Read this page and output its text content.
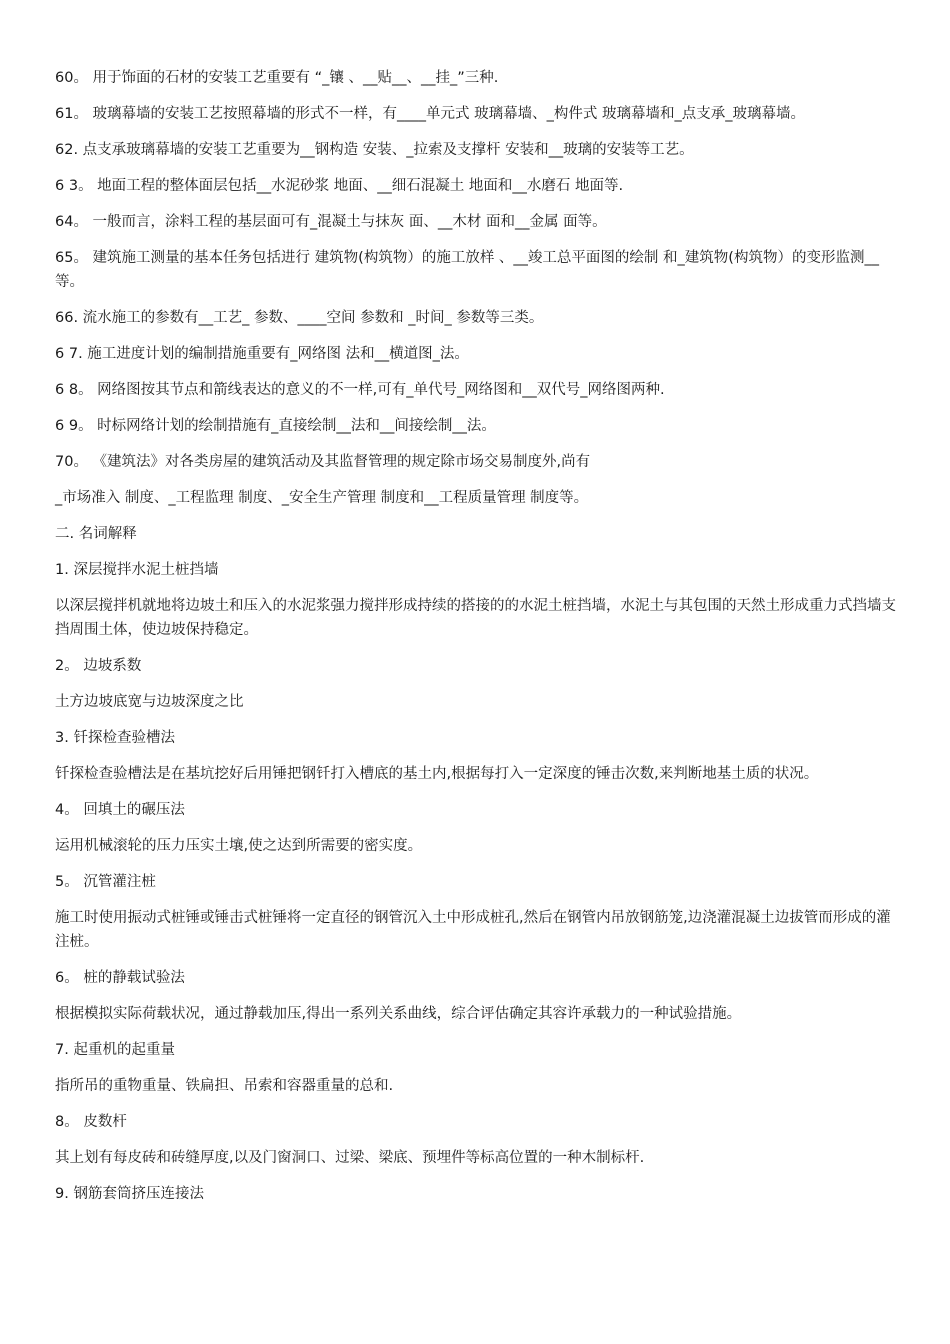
60。 用于饰面的石材的安装工艺重要有 “_镶 、__贴__、__挂_”三种.

61。 玻璃幕墙的安装工艺按照幕墙的形式不一样，有____单元式 玻璃幕墙、_构件式 玻璃幕墙和_点支承_玻璃幕墙。

62. 点支承玻璃幕墙的安装工艺重要为__钢构造 安装、_拉索及支撑杆 安装和__玻璃的安装等工艺。

6 3。 地面工程的整体面层包括__水泥砂浆 地面、__细石混凝土 地面和__水磨石 地面等.

64。 一般而言，涂料工程的基层面可有_混凝土与抹灰 面、__木材 面和__金属 面等。

65。 建筑施工测量的基本任务包括进行 建筑物(构筑物）的施工放样 、__竣工总平面图的绘制 和_建筑物(构筑物）的变形监测__ 等。

66. 流水施工的参数有__工艺_ 参数、____空间 参数和 _时间_ 参数等三类。

6 7. 施工进度计划的编制措施重要有_网络图 法和__横道图_法。

6 8。 网络图按其节点和箭线表达的意义的不一样,可有_单代号_网络图和__双代号_网络图两种.

6 9。 时标网络计划的绘制措施有_直接绘制__法和__间接绘制__法。

70。 《建筑法》对各类房屋的建筑活动及其监督管理的规定除市场交易制度外,尚有

_市场准入 制度、_工程监理 制度、_安全生产管理 制度和__工程质量管理 制度等。

二. 名词解释

1. 深层搅拌水泥土桩挡墙

以深层搅拌机就地将边坡土和压入的水泥浆强力搅拌形成持续的搭接的的水泥土桩挡墙，水泥土与其包围的天然土形成重力式挡墙支挡周围土体，使边坡保持稳定。

2。 边坡系数

土方边坡底宽与边坡深度之比

3. 钎探检查验槽法

钎探检查验槽法是在基坑挖好后用锤把钢钎打入槽底的基土内,根据每打入一定深度的锤击次数,来判断地基土质的状况。

4。 回填土的碾压法

运用机械滚轮的压力压实土壤,使之达到所需要的密实度。

5。 沉管灌注桩

施工时使用振动式桩锤或锤击式桩锤将一定直径的钢管沉入土中形成桩孔,然后在钢管内吊放钢筋笼,边浇灌混凝土边拔管而形成的灌注桩。

6。 桩的静载试验法

根据模拟实际荷载状况，通过静载加压,得出一系列关系曲线，综合评估确定其容许承载力的一种试验措施。

7. 起重机的起重量

指所吊的重物重量、铁扁担、吊索和容器重量的总和.

8。 皮数杆

其上划有每皮砖和砖缝厚度,以及门窗洞口、过梁、梁底、预埋件等标高位置的一种木制标杆.

9. 钢筋套筒挤压连接法
